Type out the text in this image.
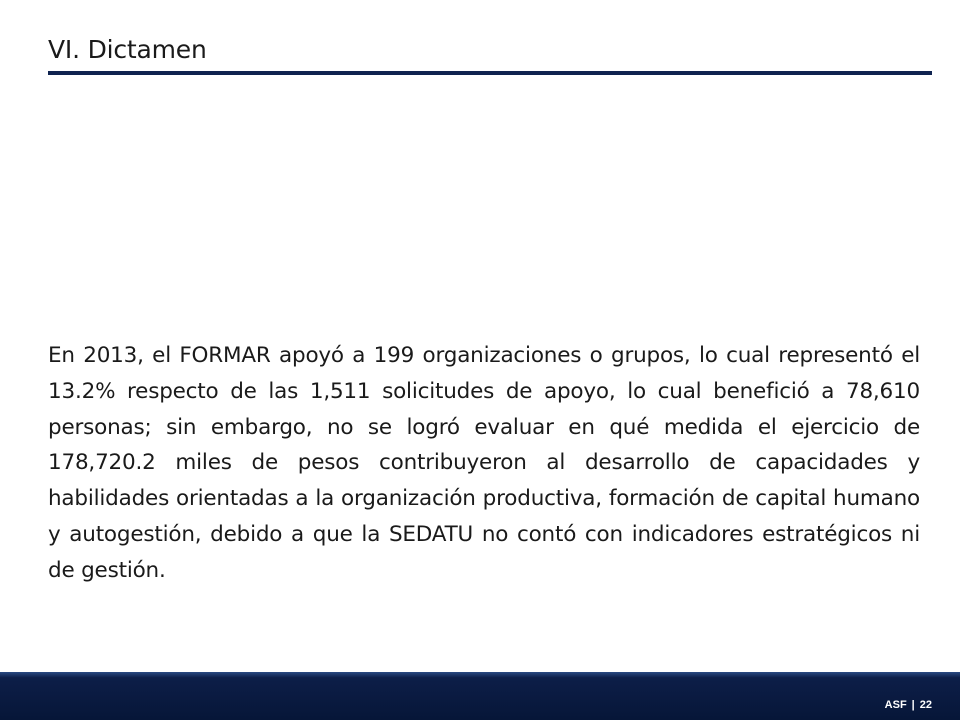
VI. Dictamen

En 2013, el FORMAR apoyó a 199 organizaciones o grupos, lo cual representó el 13.2% respecto de las 1,511 solicitudes de apoyo, lo cual benefició a 78,610 personas; sin embargo, no se logró evaluar en qué medida el ejercicio de 178,720.2 miles de pesos contribuyeron al desarrollo de capacidades y habilidades orientadas a la organización productiva, formación de capital humano y autogestión, debido a que la SEDATU no contó con indicadores estratégicos ni de gestión.

ASF | 22
